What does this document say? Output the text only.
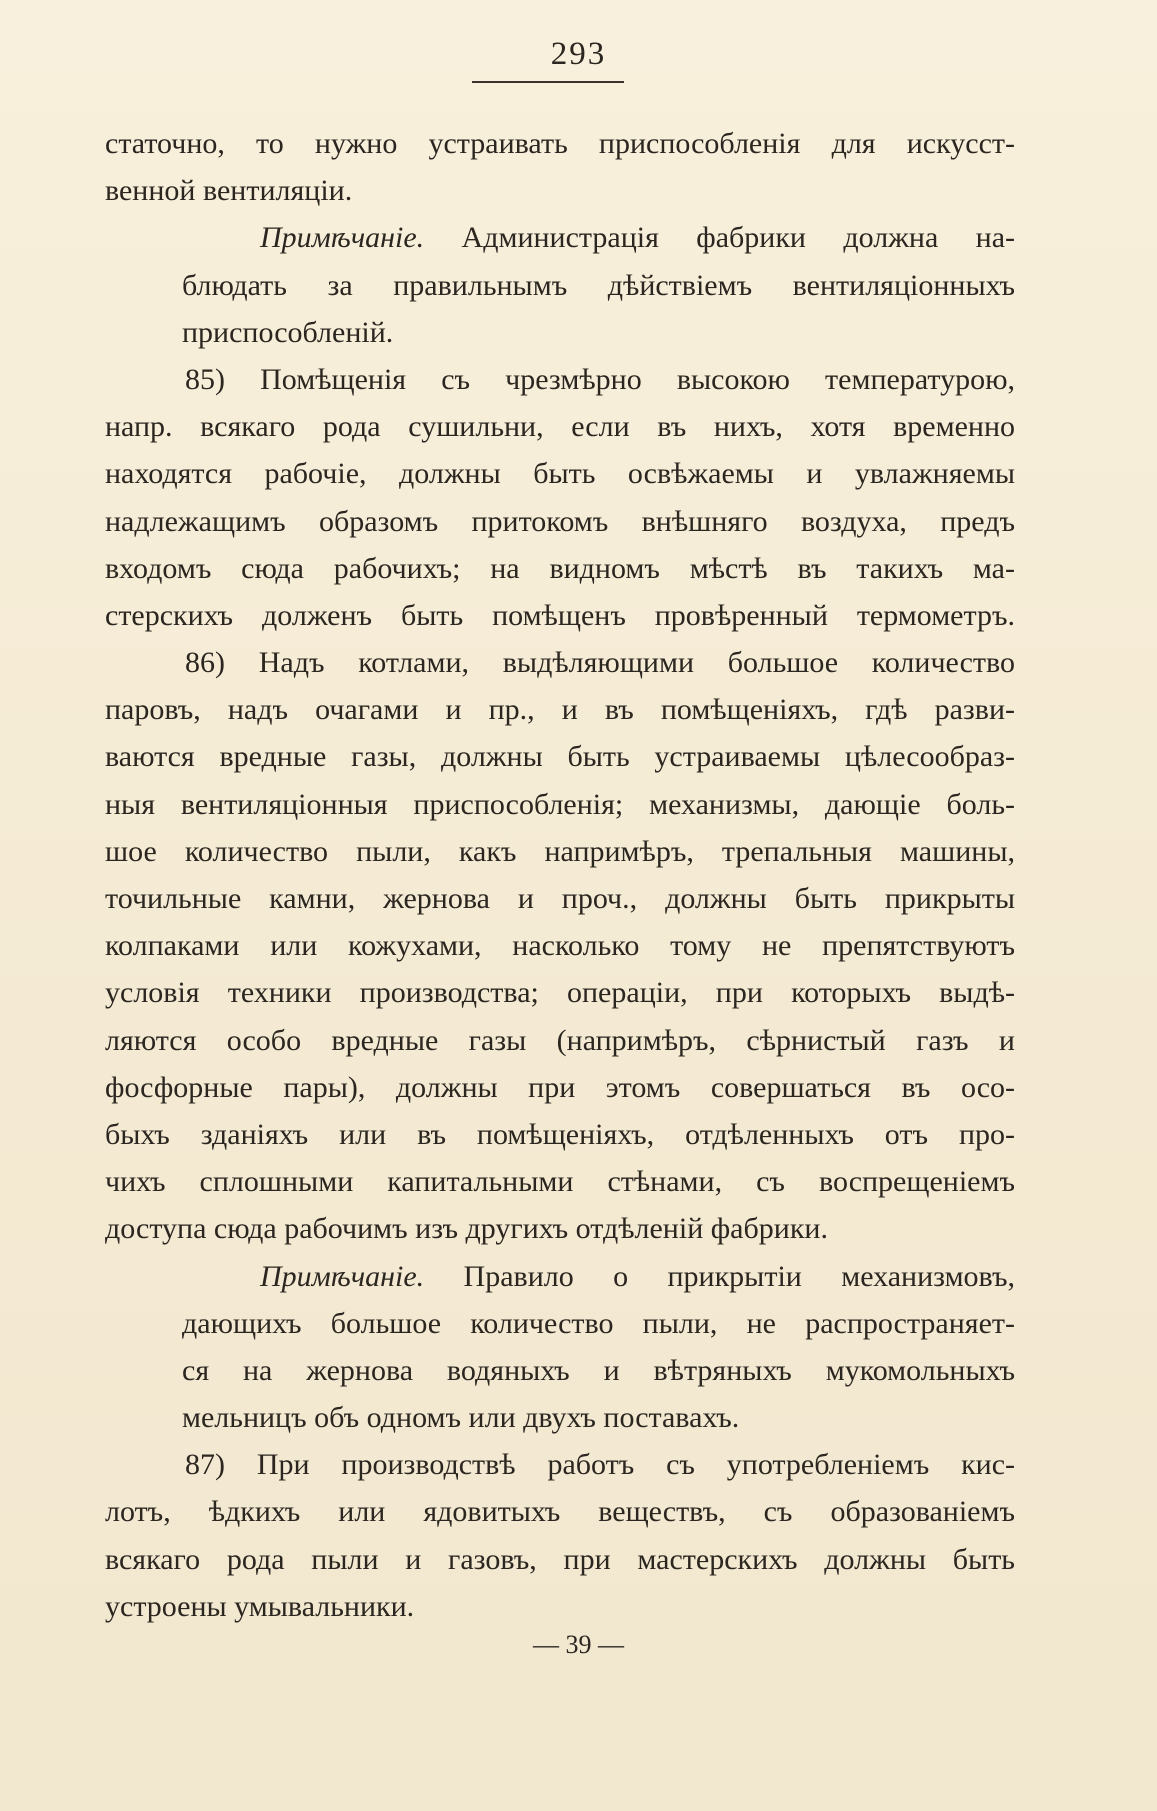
293
статочно, то нужно устраивать приспособленія для искусст-
венной вентиляціи.
Примѣчаніе. Администрація фабрики должна на-
блюдать за правильнымъ дѣйствіемъ вентиляціонныхъ
приспособленій.
85) Помѣщенія съ чрезмѣрно высокою температурою,
напр. всякаго рода сушильни, если въ нихъ, хотя временно
находятся рабочіе, должны быть освѣжаемы и увлажняемы
надлежащимъ образомъ притокомъ внѣшняго воздуха, предъ
входомъ сюда рабочихъ; на видномъ мѣстѣ въ такихъ ма-
стерскихъ долженъ быть помѣщенъ провѣренный термометръ.
86) Надъ котлами, выдѣляющими большое количество
паровъ, надъ очагами и пр., и въ помѣщеніяхъ, гдѣ разви-
ваются вредные газы, должны быть устраиваемы цѣлесообраз-
ныя вентиляціонныя приспособленія; механизмы, дающіе боль-
шое количество пыли, какъ напримѣръ, трепальныя машины,
точильные камни, жернова и проч., должны быть прикрыты
колпаками или кожухами, насколько тому не препятствуютъ
условія техники производства; операціи, при которыхъ выдѣ-
ляются особо вредные газы (напримѣръ, сѣрнистый газъ и
фосфорные пары), должны при этомъ совершаться въ осо-
быхъ зданіяхъ или въ помѣщеніяхъ, отдѣленныхъ отъ про-
чихъ сплошными капитальными стѣнами, съ воспрещеніемъ
доступа сюда рабочимъ изъ другихъ отдѣленій фабрики.
Примѣчаніе. Правило о прикрытіи механизмовъ,
дающихъ большое количество пыли, не распространяет-
ся на жернова водяныхъ и вѣтряныхъ мукомольныхъ
мельницъ объ одномъ или двухъ поставахъ.
87) При производствѣ работъ съ употребленіемъ кис-
лотъ, ѣдкихъ или ядовитыхъ веществъ, съ образованіемъ
всякаго рода пыли и газовъ, при мастерскихъ должны быть
устроены умывальники.
— 39 —
